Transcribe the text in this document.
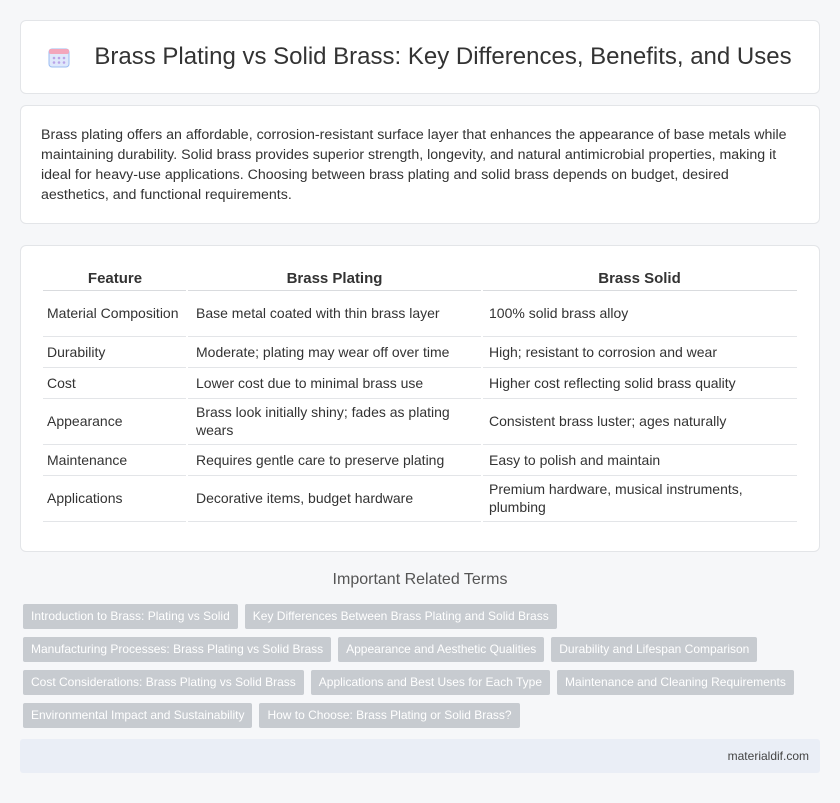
Brass Plating vs Solid Brass: Key Differences, Benefits, and Uses

Brass plating offers an affordable, corrosion-resistant surface layer that enhances the appearance of base metals while maintaining durability. Solid brass provides superior strength, longevity, and natural antimicrobial properties, making it ideal for heavy-use applications. Choosing between brass plating and solid brass depends on budget, desired aesthetics, and functional requirements.

Feature	Brass Plating	Brass Solid
Material Composition	Base metal coated with thin brass layer	100% solid brass alloy
Durability	Moderate; plating may wear off over time	High; resistant to corrosion and wear
Cost	Lower cost due to minimal brass use	Higher cost reflecting solid brass quality
Appearance	Brass look initially shiny; fades as plating wears	Consistent brass luster; ages naturally
Maintenance	Requires gentle care to preserve plating	Easy to polish and maintain
Applications	Decorative items, budget hardware	Premium hardware, musical instruments, plumbing
Important Related Terms
Introduction to Brass: Plating vs Solid	Key Differences Between Brass Plating and Solid Brass
Manufacturing Processes: Brass Plating vs Solid Brass	Appearance and Aesthetic Qualities	Durability and Lifespan Comparison
Cost Considerations: Brass Plating vs Solid Brass	Applications and Best Uses for Each Type	Maintenance and Cleaning Requirements
Environmental Impact and Sustainability	How to Choose: Brass Plating or Solid Brass?
materialdif.com
